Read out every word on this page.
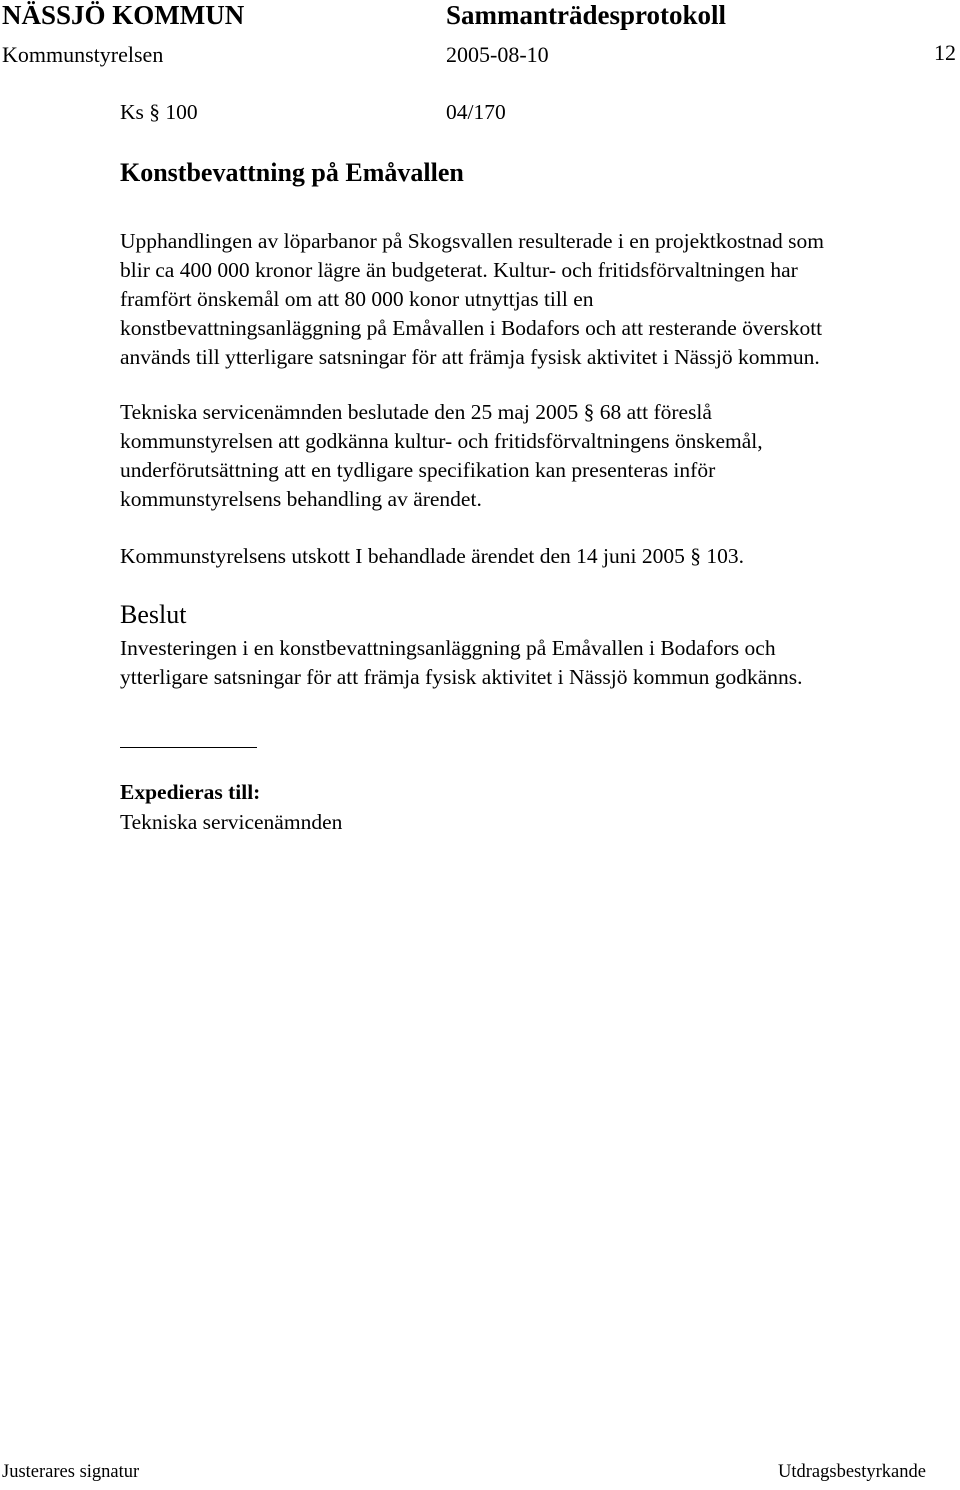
NÄSSJÖ KOMMUN	Sammanträdesprotokoll
Kommunstyrelsen	2005-08-10	12
Ks § 100	04/170
Konstbevattning på Emåvallen
Upphandlingen av löparbanor på Skogsvallen resulterade i en projektkostnad som
blir ca 400 000 kronor lägre än budgeterat. Kultur- och fritidsförvaltningen har
framfört önskemål om att 80 000 konor utnyttjas till en
konstbevattningsanläggning på Emåvallen i Bodafors och att resterande överskott
används till ytterligare satsningar för att främja fysisk aktivitet i Nässjö kommun.
Tekniska servicenämnden beslutade den 25 maj 2005 § 68 att föreslå
kommunstyrelsen att godkänna kultur- och fritidsförvaltningens önskemål,
underförutsättning att en tydligare specifikation kan presenteras inför
kommunstyrelsens behandling av ärendet.
Kommunstyrelsens utskott I behandlade ärendet den 14 juni 2005 § 103.
Beslut
Investeringen i en konstbevattningsanläggning på Emåvallen i Bodafors och
ytterligare satsningar för att främja fysisk aktivitet i Nässjö kommun godkänns.
Expedieras till:
Tekniska servicenämnden
Justerares signatur	Utdragsbestyrkande
